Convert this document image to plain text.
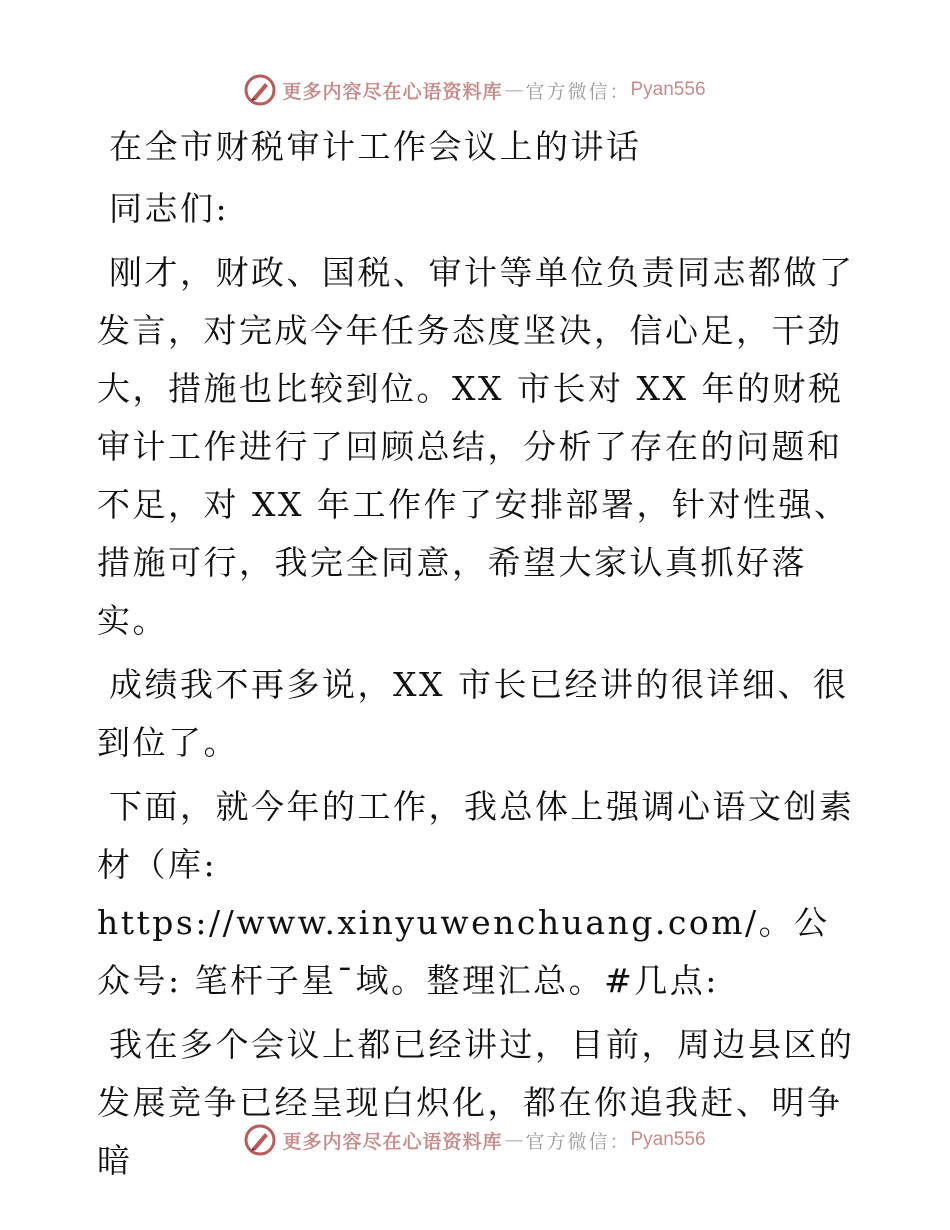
更多内容尽在心语资料库 — 官方微信： Pyan556

在全市财税审计工作会议上的讲话

同志们:

刚才，财政、国税、审计等单位负责同志都做了发言，对完成今年任务态度坚决，信心足，干劲大，措施也比较到位。XX 市长对 XX 年的财税审计工作进行了回顾总结，分析了存在的问题和不足，对 XX 年工作作了安排部署，针对性强、措施可行，我完全同意，希望大家认真抓好落实。

成绩我不再多说，XX 市长已经讲的很详细、很到位了。

下面，就今年的工作，我总体上强调心语文创素材（库: https://www.xinyuwenchuang.com/。公众号: 笔杆子星¯域。整理汇总。#几点:

我在多个会议上都已经讲过，目前，周边县区的发展竞争已经呈现白炽化，都在你追我赶、明争暗	更多内容尽在心语资料库 — 官方微信： Pyan556
